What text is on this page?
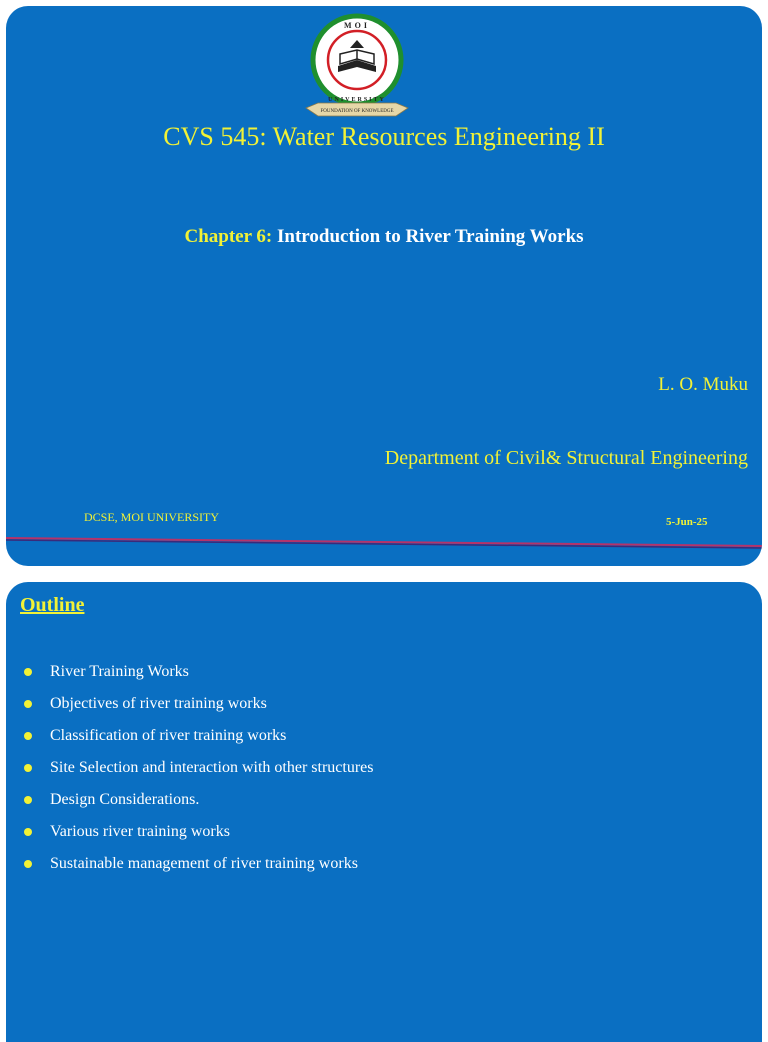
MOI
UNIVERSITY
FOUNDATION OF KNOWLEDGE
CVS 545: Water Resources Engineering II
Chapter 6: Introduction to River Training Works
L. O. Muku
Department of Civil& Structural Engineering
DCSE, MOI UNIVERSITY	5-Jun-25
Outline
River Training Works
Objectives of river training works
Classification of river training works
Site Selection and interaction with other structures
Design Considerations.
Various river training works
Sustainable management of river training works
